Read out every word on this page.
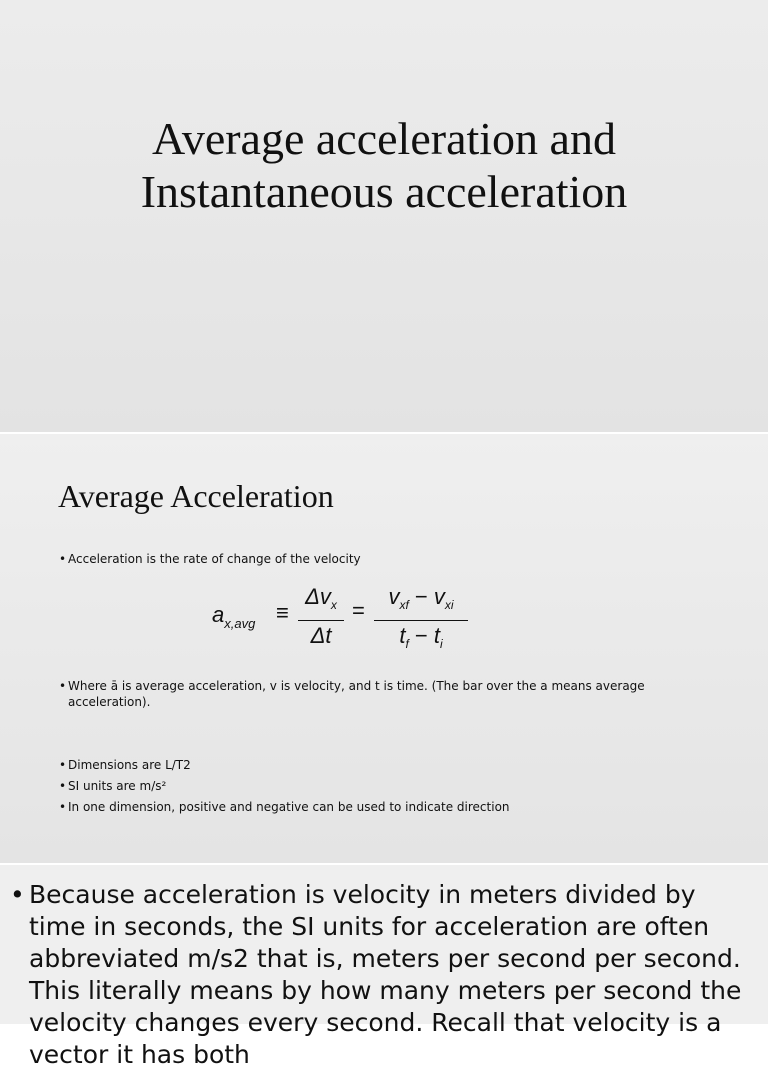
Average acceleration and
Instantaneous acceleration
Average Acceleration
• Acceleration is the rate of change of the velocity
$a_{x,avg}$ ≡
$\Delta v_x$
Δt
=
$v_{xf} - v_{xi}$
$t_f - t_i$
• Where ā is average acceleration, v is velocity, and t is time. (The bar over the a means average acceleration).
• Dimensions are L/T2
• SI units are m/s²
• In one dimension, positive and negative can be used to indicate direction
• Because acceleration is velocity in meters divided by time in seconds, the SI units for acceleration are often abbreviated m/s2 that is, meters per second per second. This literally means by how many meters per second the velocity changes every second. Recall that velocity is a vector it has both
